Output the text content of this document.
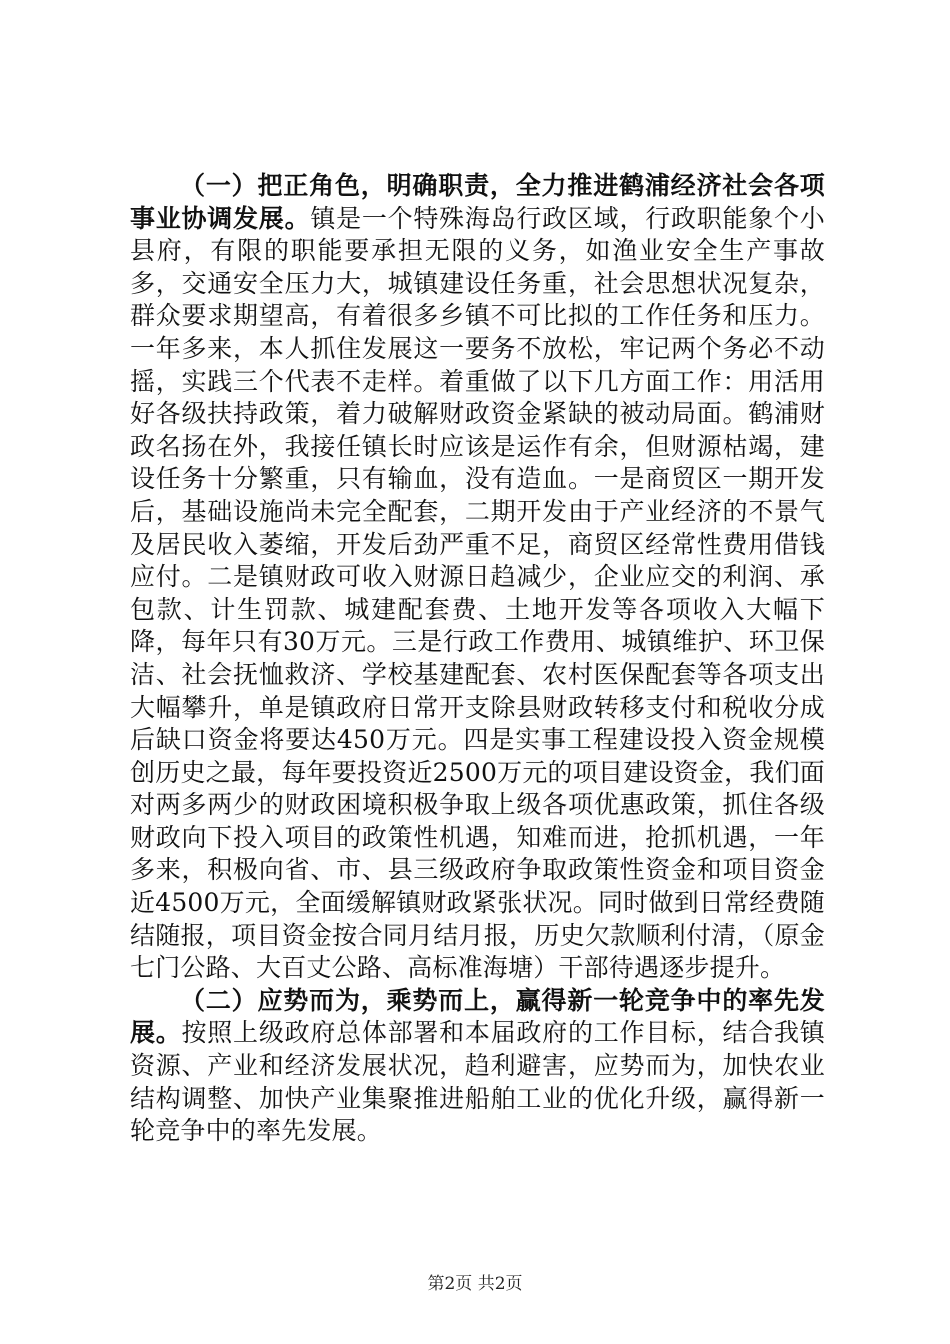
（一）把正角色，明确职责，全力推进鹤浦经济社会各项事业协调发展。镇是一个特殊海岛行政区域，行政职能象个小县府，有限的职能要承担无限的义务，如渔业安全生产事故多，交通安全压力大，城镇建设任务重，社会思想状况复杂，群众要求期望高，有着很多乡镇不可比拟的工作任务和压力。一年多来，本人抓住发展这一要务不放松，牢记两个务必不动摇，实践三个代表不走样。着重做了以下几方面工作：用活用好各级扶持政策，着力破解财政资金紧缺的被动局面。鹤浦财政名扬在外，我接任镇长时应该是运作有余，但财源枯竭，建设任务十分繁重，只有输血，没有造血。一是商贸区一期开发后，基础设施尚未完全配套，二期开发由于产业经济的不景气及居民收入萎缩，开发后劲严重不足，商贸区经常性费用借钱应付。二是镇财政可收入财源日趋减少，企业应交的利润、承包款、计生罚款、城建配套费、土地开发等各项收入大幅下降，每年只有30万元。三是行政工作费用、城镇维护、环卫保洁、社会抚恤救济、学校基建配套、农村医保配套等各项支出大幅攀升，单是镇政府日常开支除县财政转移支付和税收分成后缺口资金将要达450万元。四是实事工程建设投入资金规模创历史之最，每年要投资近2500万元的项目建设资金，我们面对两多两少的财政困境积极争取上级各项优惠政策，抓住各级财政向下投入项目的政策性机遇，知难而进，抢抓机遇，一年多来，积极向省、市、县三级政府争取政策性资金和项目资金近4500万元，全面缓解镇财政紧张状况。同时做到日常经费随结随报，项目资金按合同月结月报，历史欠款顺利付清，（原金七门公路、大百丈公路、高标准海塘）干部待遇逐步提升。

（二）应势而为，乘势而上，赢得新一轮竞争中的率先发展。按照上级政府总体部署和本届政府的工作目标，结合我镇资源、产业和经济发展状况，趋利避害，应势而为，加快农业结构调整、加快产业集聚推进船舶工业的优化升级，赢得新一轮竞争中的率先发展。

第2页 共2页
